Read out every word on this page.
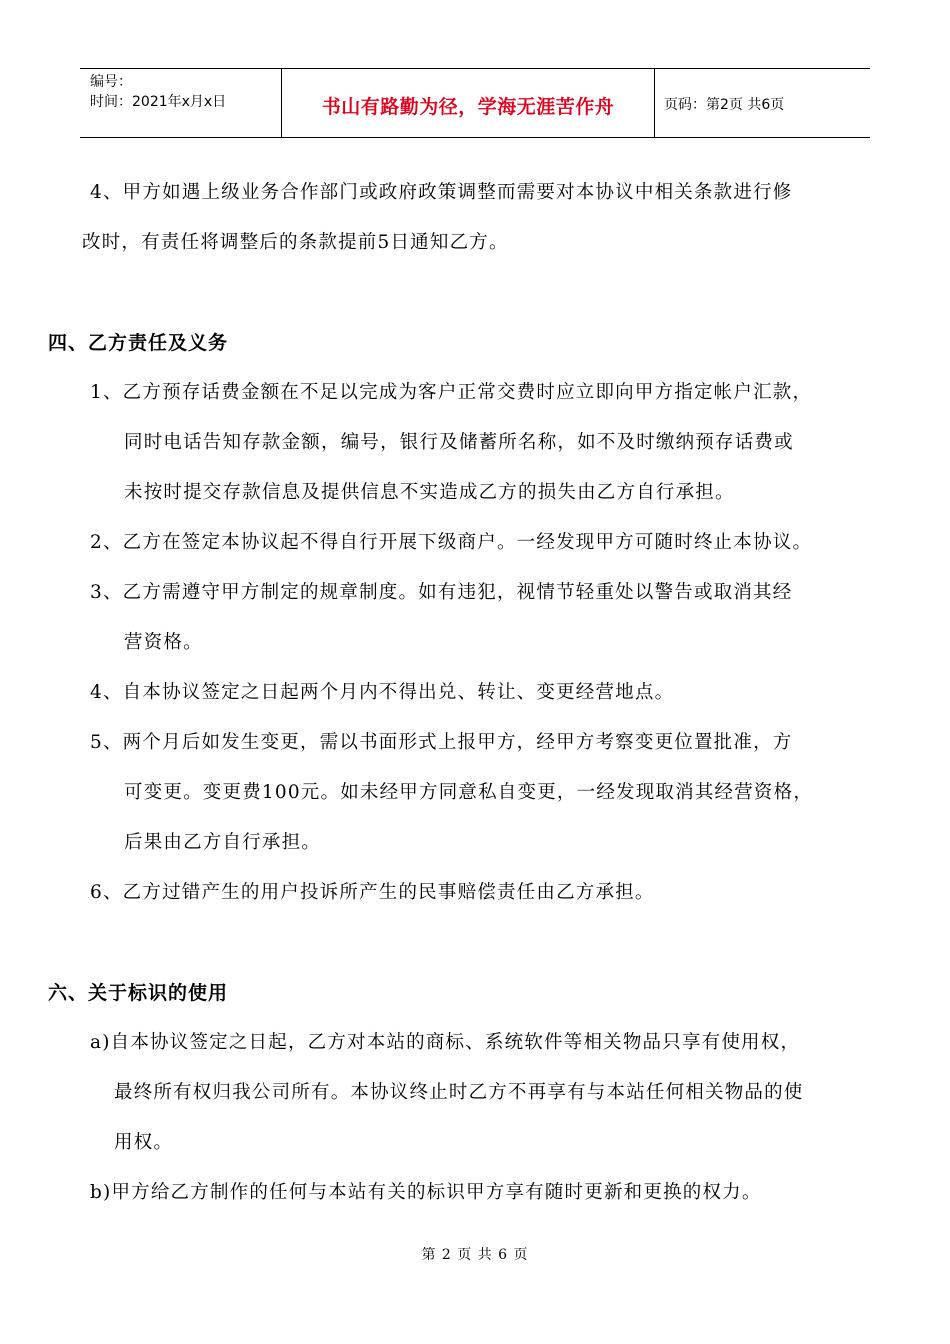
编号：
时间：2021年x月x日	书山有路勤为径，学海无涯苦作舟	页码：第2页 共6页
4、甲方如遇上级业务合作部门或政府政策调整而需要对本协议中相关条款进行修
改时，有责任将调整后的条款提前5日通知乙方。
四、乙方责任及义务
1、乙方预存话费金额在不足以完成为客户正常交费时应立即向甲方指定帐户汇款，
同时电话告知存款金额，编号，银行及储蓄所名称，如不及时缴纳预存话费或
未按时提交存款信息及提供信息不实造成乙方的损失由乙方自行承担。
2、乙方在签定本协议起不得自行开展下级商户。一经发现甲方可随时终止本协议。
3、乙方需遵守甲方制定的规章制度。如有违犯，视情节轻重处以警告或取消其经
营资格。
4、自本协议签定之日起两个月内不得出兑、转让、变更经营地点。
5、两个月后如发生变更，需以书面形式上报甲方，经甲方考察变更位置批准，方
可变更。变更费100元。如未经甲方同意私自变更，一经发现取消其经营资格，
后果由乙方自行承担。
6、乙方过错产生的用户投诉所产生的民事赔偿责任由乙方承担。
六、关于标识的使用
a)自本协议签定之日起，乙方对本站的商标、系统软件等相关物品只享有使用权，
最终所有权归我公司所有。本协议终止时乙方不再享有与本站任何相关物品的使
用权。
b)甲方给乙方制作的任何与本站有关的标识甲方享有随时更新和更换的权力。
第 2 页 共 6 页
